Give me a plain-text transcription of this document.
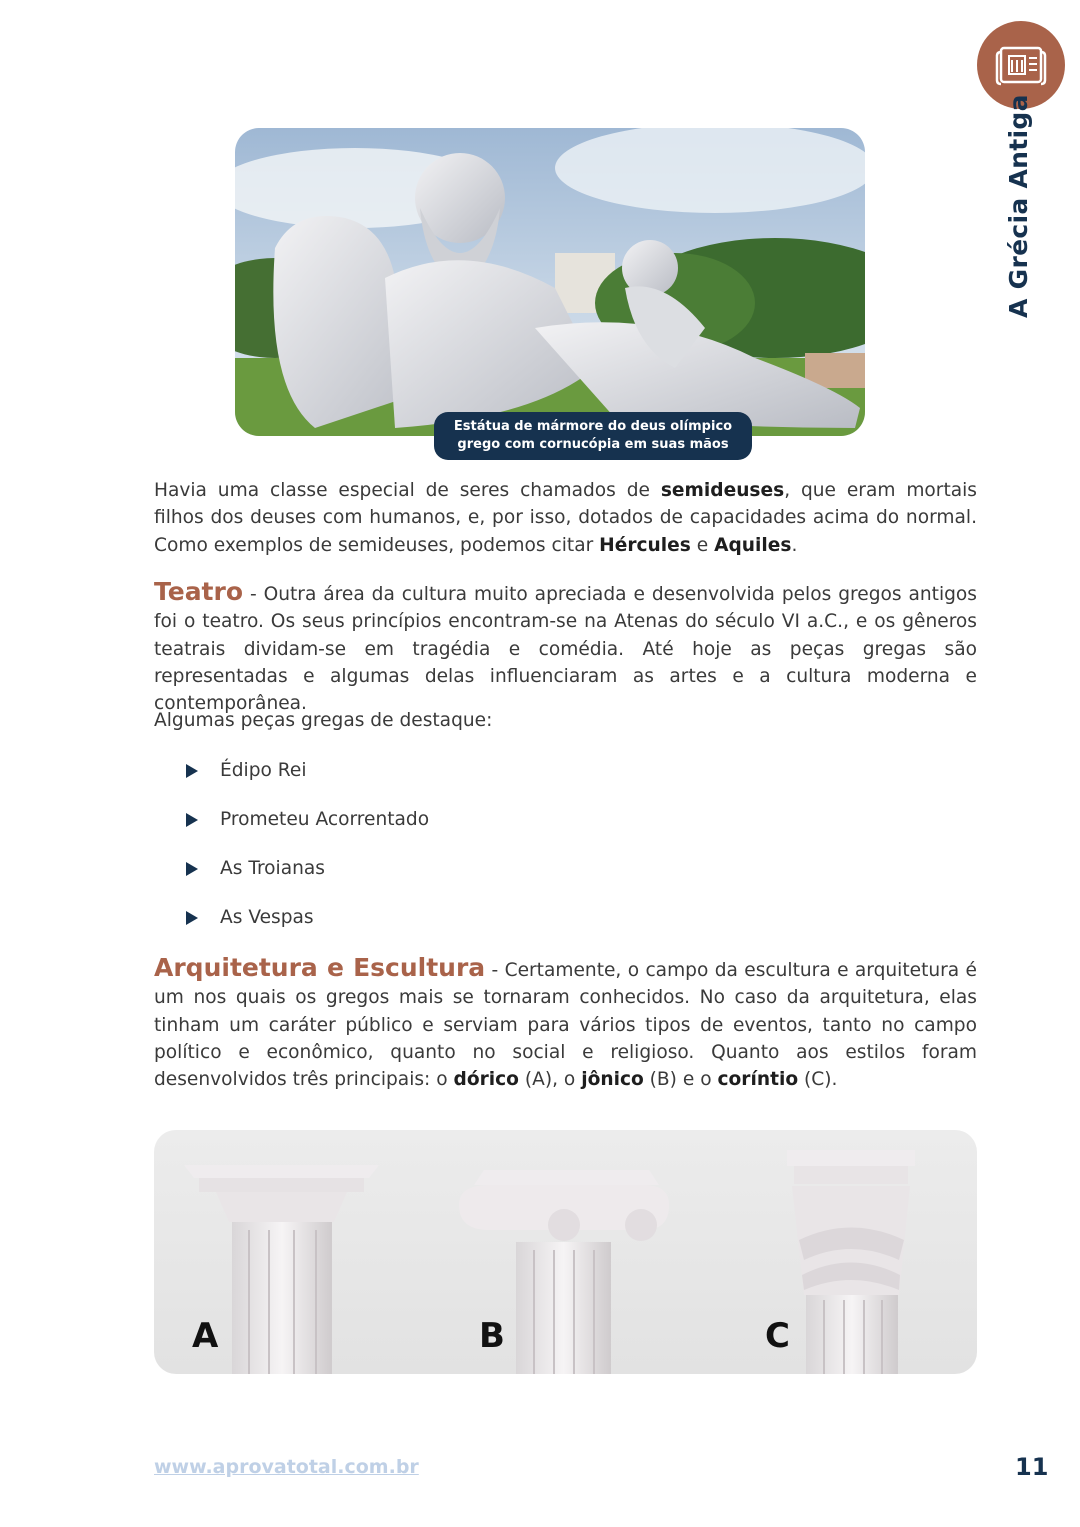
A Grécia Antiga
Estátua de mármore do deus olímpico
grego com cornucópia em suas mãos

Havia uma classe especial de seres chamados de semideuses, que eram mortais filhos dos deuses com humanos, e, por isso, dotados de capacidades acima do normal. Como exemplos de semideuses, podemos citar Hércules e Aquiles.

Teatro - Outra área da cultura muito apreciada e desenvolvida pelos gregos antigos foi o teatro. Os seus princípios encontram-se na Atenas do século VI a.C., e os gêneros teatrais dividam-se em tragédia e comédia. Até hoje as peças gregas são representadas e algumas delas influenciaram as artes e a cultura moderna e contemporânea.

Algumas peças gregas de destaque:

Édipo Rei
Prometeu Acorrentado
As Troianas
As Vespas

Arquitetura e Escultura - Certamente, o campo da escultura e arquitetura é um nos quais os gregos mais se tornaram conhecidos. No caso da arquitetura, elas tinham um caráter público e serviam para vários tipos de eventos, tanto no campo político e econômico, quanto no social e religioso. Quanto aos estilos foram desenvolvidos três principais: o dórico (A), o jônico (B) e o coríntio (C).

A	B	C
www.aprovatotal.com.br	11
